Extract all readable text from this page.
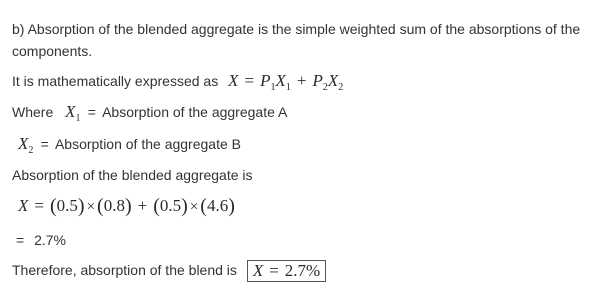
b) Absorption of the blended aggregate is the simple weighted sum of the absorptions of the components.
It is mathematically expressed as $X = P_1X_1 + P_2X_2$
Where $X_1$ = Absorption of the aggregate A
$X_2$ = Absorption of the aggregate B
Absorption of the blended aggregate is
X = (0.5) × (0.8) + (0.5) × (4.6)
= 2.7%
Therefore, absorption of the blend is X = 2.7%
